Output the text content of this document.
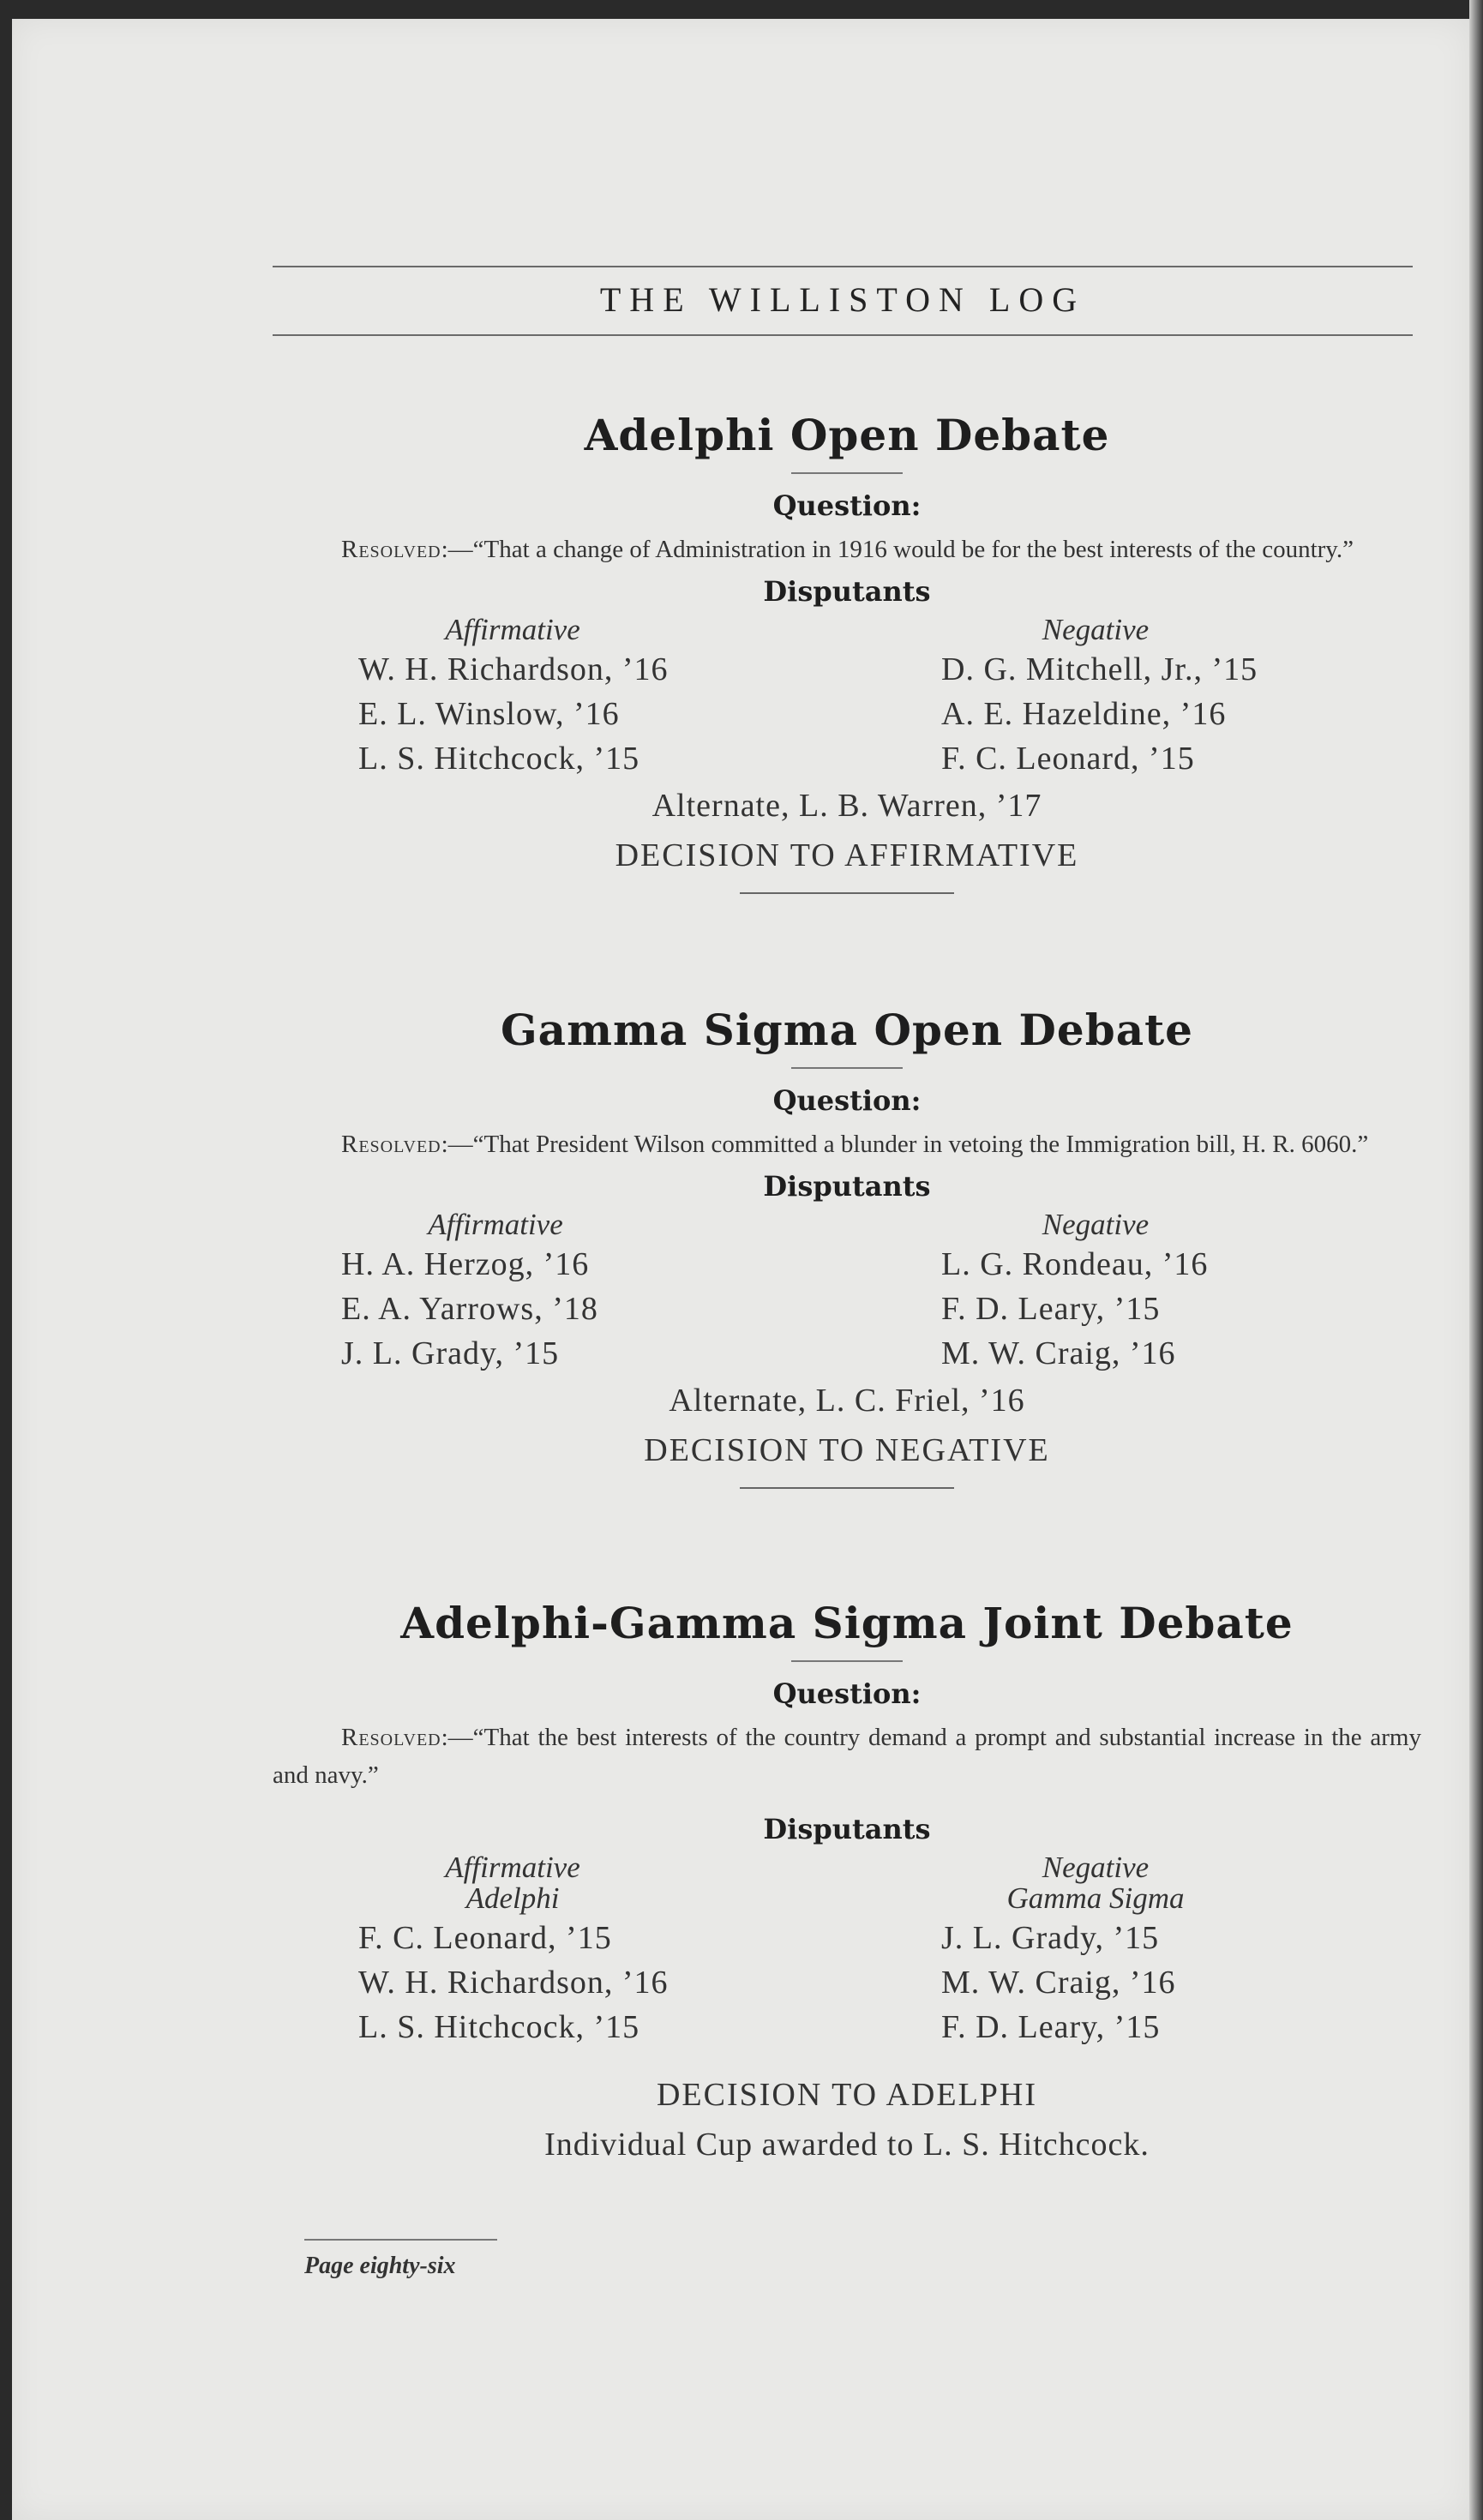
THE WILLISTON LOG
Adelphi Open Debate
Question:
Resolved:—“That a change of Administration in 1916 would be for the best interests of the country.”
Disputants
Affirmative
W. H. Richardson, ’16
E. L. Winslow, ’16
L. S. Hitchcock, ’15
Negative
D. G. Mitchell, Jr., ’15
A. E. Hazeldine, ’16
F. C. Leonard, ’15
Alternate, L. B. Warren, ’17
DECISION TO AFFIRMATIVE
Gamma Sigma Open Debate
Question:
Resolved:—“That President Wilson committed a blunder in vetoing the Immigration bill, H. R. 6060.”
Disputants
Affirmative
H. A. Herzog, ’16
E. A. Yarrows, ’18
J. L. Grady, ’15
Negative
L. G. Rondeau, ’16
F. D. Leary, ’15
M. W. Craig, ’16
Alternate, L. C. Friel, ’16
DECISION TO NEGATIVE
Adelphi-Gamma Sigma Joint Debate
Question:
Resolved:—“That the best interests of the country demand a prompt and substantial increase in the army and navy.”
Disputants
Affirmative
Adelphi
F. C. Leonard, ’15
W. H. Richardson, ’16
L. S. Hitchcock, ’15
Negative
Gamma Sigma
J. L. Grady, ’15
M. W. Craig, ’16
F. D. Leary, ’15
DECISION TO ADELPHI
Individual Cup awarded to L. S. Hitchcock.
Page eighty-six
